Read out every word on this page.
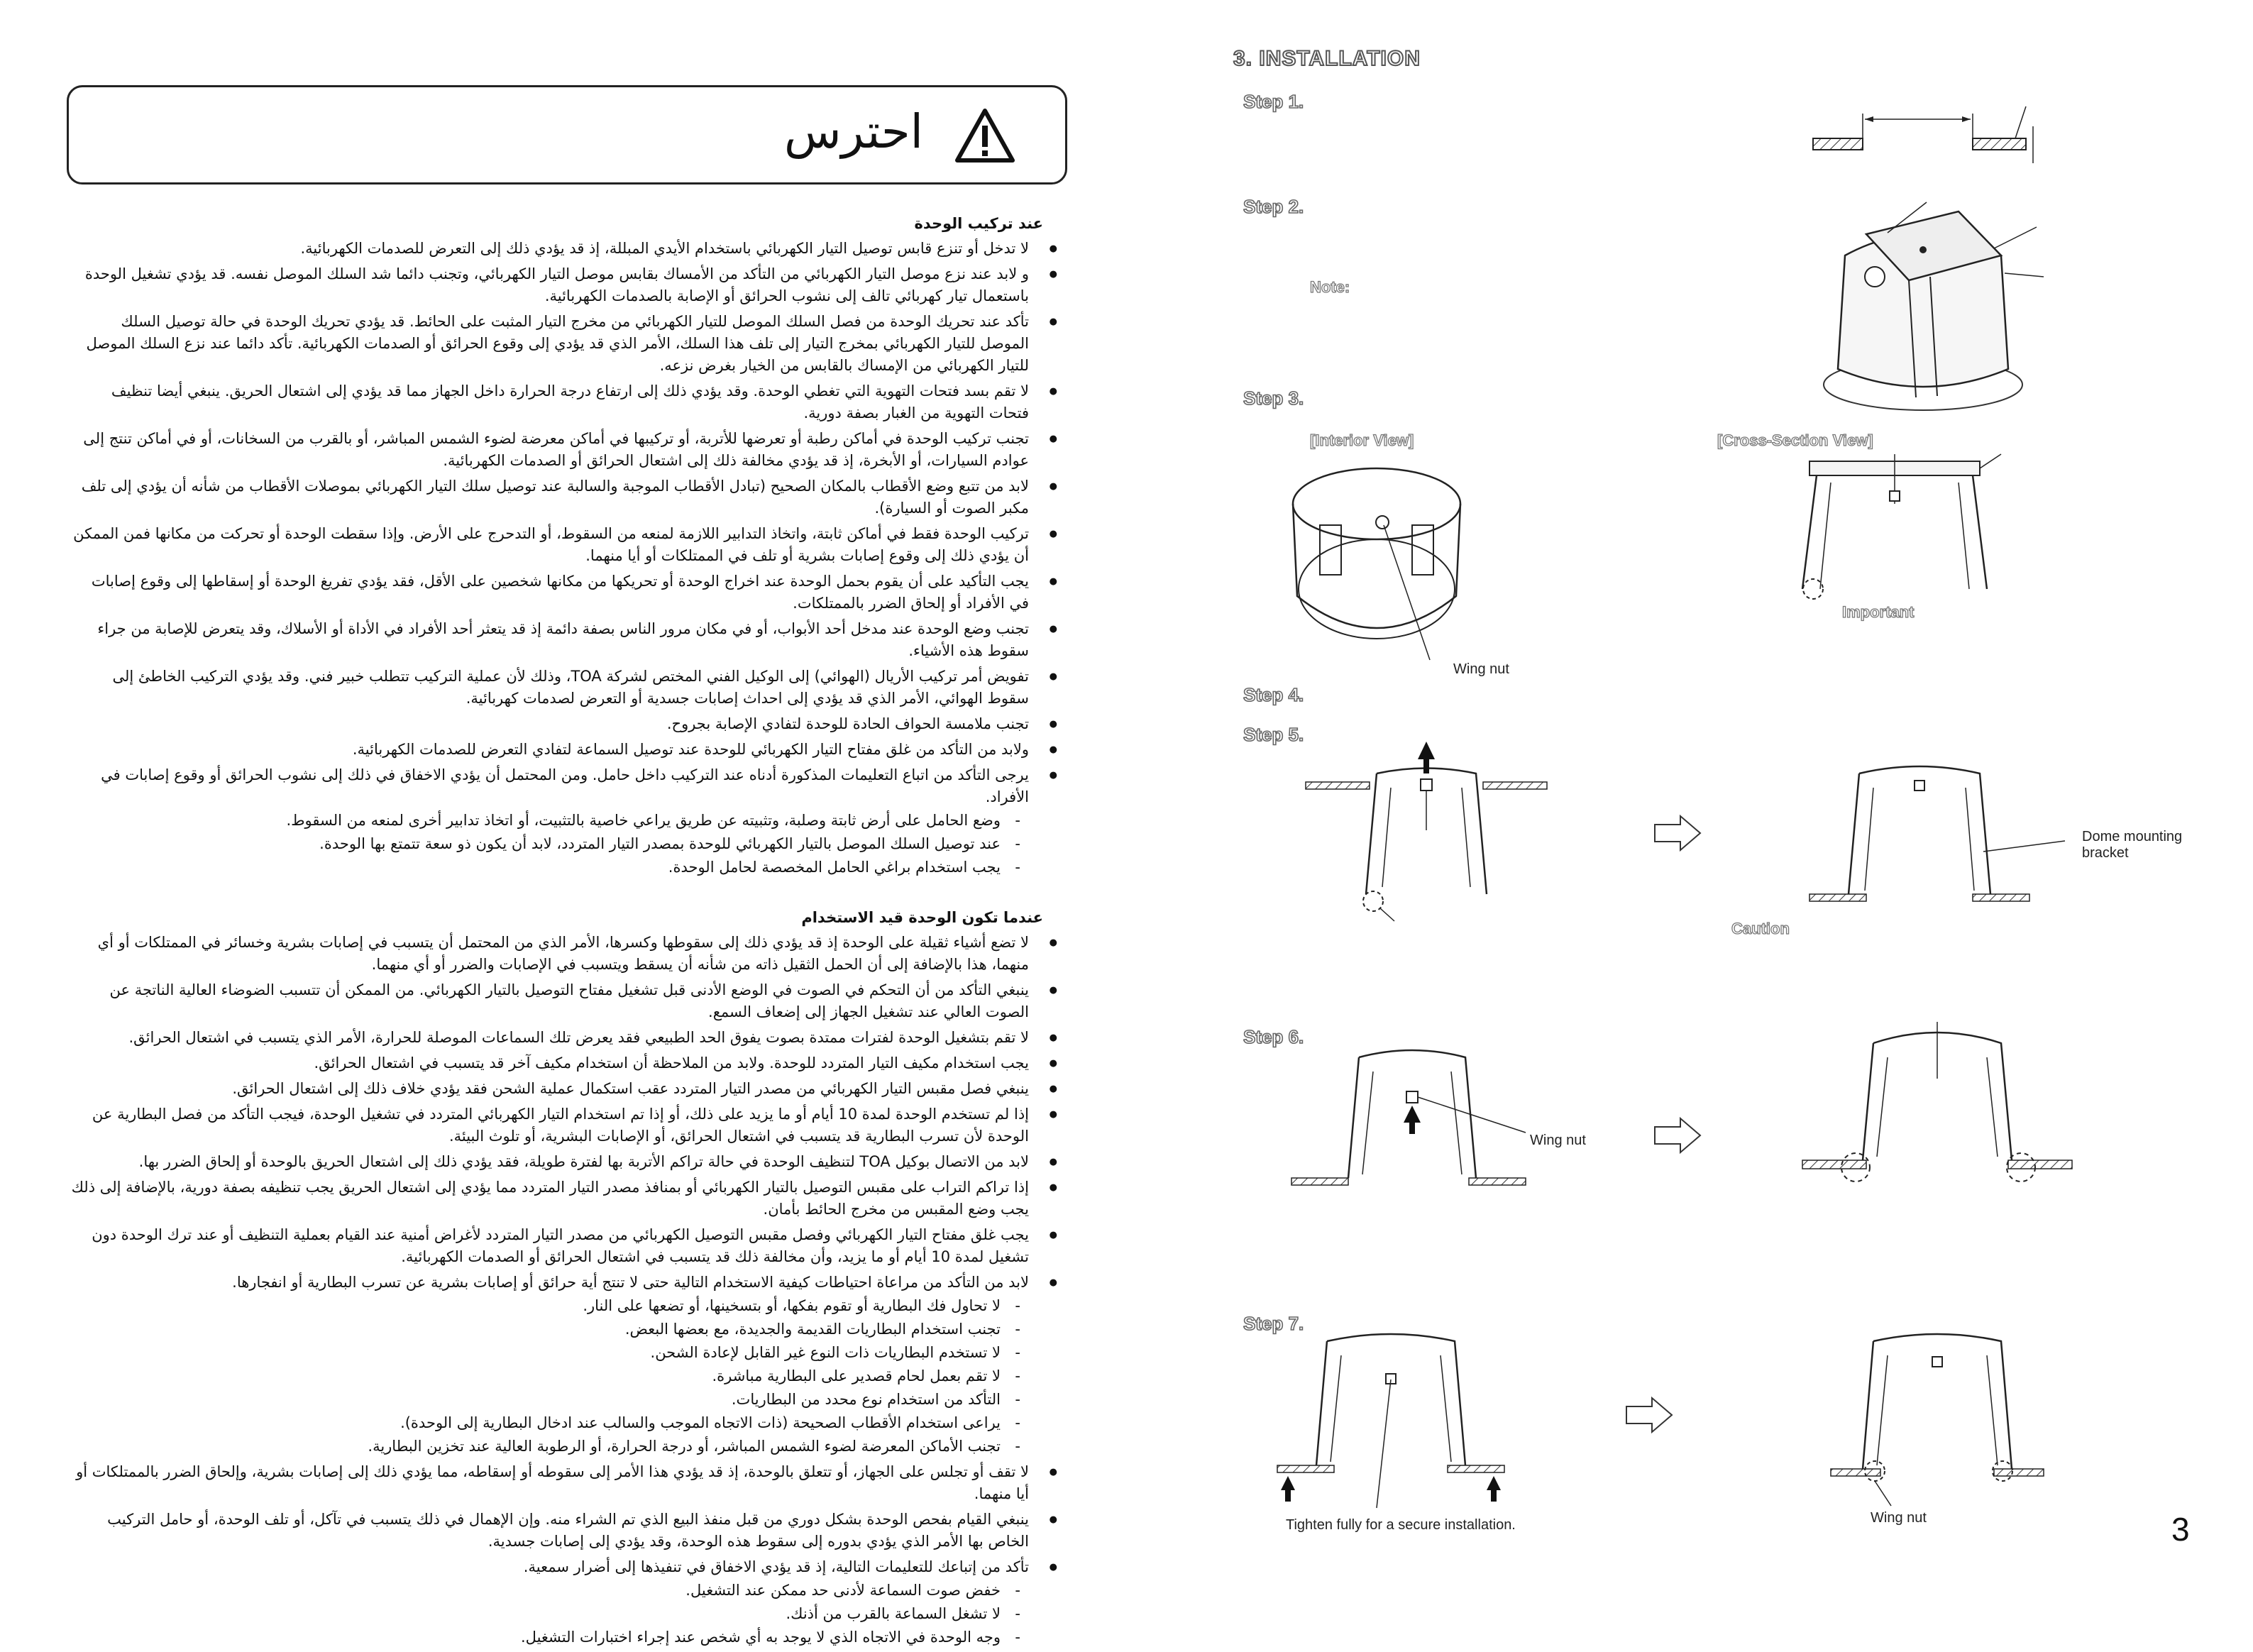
احترس
عند تركيب الوحدة
● لا تدخل أو تنزع قابس توصيل التيار الكهربائي باستخدام الأيدي المبللة، إذ قد يؤدي ذلك إلى التعرض للصدمات الكهربائية.
● و لابد عند نزع موصل التيار الكهربائي من التأكد من الأمساك بقابس موصل التيار الكهربائي، وتجنب دائما شد السلك الموصل نفسه. قد يؤدي تشغيل الوحدة باستعمال تيار كهربائي تالف إلى نشوب الحرائق أو الإصابة بالصدمات الكهربائية.
● تأكد عند تحريك الوحدة من فصل السلك الموصل للتيار الكهربائي من مخرج التيار المثبت على الحائط. قد يؤدي تحريك الوحدة في حالة توصيل السلك الموصل للتيار الكهربائي بمخرج التيار إلى تلف هذا السلك، الأمر الذي قد يؤدي إلى وقوع الحرائق أو الصدمات الكهربائية. تأكد دائما عند نزع السلك الموصل للتيار الكهربائي من الإمساك بالقابس من الخيار بغرض نزعه.
● لا تقم بسد فتحات التهوية التي تغطي الوحدة. وقد يؤدي ذلك إلى ارتفاع درجة الحرارة داخل الجهاز مما قد يؤدي إلى اشتعال الحريق. ينبغي أيضا تنظيف فتحات التهوية من الغبار بصفة دورية.
● تجنب تركيب الوحدة في أماكن رطبة أو تعرضها للأتربة، أو تركيبها في أماكن معرضة لضوء الشمس المباشر، أو بالقرب من السخانات، أو في أماكن تنتج إلى عوادم السيارات، أو الأبخرة، إذ قد يؤدي مخالفة ذلك إلى اشتعال الحرائق أو الصدمات الكهربائية.
● لابد من تتبع وضع الأقطاب بالمكان الصحيح (تبادل الأقطاب الموجبة والسالبة عند توصيل سلك التيار الكهربائي بموصلات الأقطاب من شأنه أن يؤدي إلى تلف مكبر الصوت أو السيارة).
● تركيب الوحدة فقط في أماكن ثابتة، واتخاذ التدابير اللازمة لمنعه من السقوط، أو التدحرج على الأرض. وإذا سقطت الوحدة أو تحركت من مكانها فمن الممكن أن يؤدي ذلك إلى وقوع إصابات بشرية أو تلف في الممتلكات أو أيا منهما.
● يجب التأكيد على أن يقوم بحمل الوحدة عند اخراج الوحدة أو تحريكها من مكانها شخصين على الأقل، فقد يؤدي تفريغ الوحدة أو إسقاطها إلى وقوع إصابات في الأفراد أو إلحاق الضرر بالممتلكات.
● تجنب وضع الوحدة عند مدخل أحد الأبواب، أو في مكان مرور الناس بصفة دائمة إذ قد يتعثر أحد الأفراد في الأداة أو الأسلاك، وقد يتعرض للإصابة من جراء سقوط هذه الأشياء.
● تفويض أمر تركيب الأريال (الهوائي) إلى الوكيل الفني المختص لشركة TOA، وذلك لأن عملية التركيب تتطلب خبير فني. وقد يؤدي التركيب الخاطئ إلى سقوط الهوائي، الأمر الذي قد يؤدي إلى احداث إصابات جسدية أو التعرض لصدمات كهربائية.
● تجنب ملامسة الحواف الحادة للوحدة لتفادي الإصابة بجروح.
● ولابد من التأكد من غلق مفتاح التيار الكهربائي للوحدة عند توصيل السماعة لتفادي التعرض للصدمات الكهربائية.
● يرجى التأكد من اتباع التعليمات المذكورة أدناه عند التركيب داخل حامل. ومن المحتمل أن يؤدي الاخفاق في ذلك إلى نشوب الحرائق أو وقوع إصابات في الأفراد.
- وضع الحامل على أرض ثابتة وصلبة، وتثبيته عن طريق يراعي خاصية بالتثبيت، أو اتخاذ تدابير أخرى لمنعه من السقوط.
- عند توصيل السلك الموصل بالتيار الكهربائي للوحدة بمصدر التيار المتردد، لابد أن يكون ذو سعة تتمتع بها الوحدة.
- يجب استخدام براغي الحامل المخصصة لحامل الوحدة.
عندما تكون الوحدة قيد الاستخدام
● لا تضع أشياء ثقيلة على الوحدة إذ قد يؤدي ذلك إلى سقوطها وكسرها، الأمر الذي من المحتمل أن يتسبب في إصابات بشرية وخسائر في الممتلكات أو أي منهما، هذا بالإضافة إلى أن الحمل الثقيل ذاته من شأنه أن يسقط ويتسبب في الإصابات والضرر أو أي منهما.
● ينبغي التأكد من أن التحكم في الصوت في الوضع الأدنى قبل تشغيل مفتاح التوصيل بالتيار الكهربائي. من الممكن أن تتسبب الضوضاء العالية الناتجة عن الصوت العالي عند تشغيل الجهاز إلى إضعاف السمع.
● لا تقم بتشغيل الوحدة لفترات ممتدة بصوت يفوق الحد الطبيعي فقد يعرض تلك السماعات الموصلة للحرارة، الأمر الذي يتسبب في اشتعال الحرائق.
● يجب استخدام مكيف التيار المتردد للوحدة. ولابد من الملاحظة أن استخدام مكيف آخر قد يتسبب في اشتعال الحرائق.
● ينبغي فصل مقبس التيار الكهربائي من مصدر التيار المتردد عقب استكمال عملية الشحن فقد يؤدي خلاف ذلك إلى اشتعال الحرائق.
● إذا لم تستخدم الوحدة لمدة 10 أيام أو ما يزيد على ذلك، أو إذا تم استخدام التيار الكهربائي المتردد في تشغيل الوحدة، فيجب التأكد من فصل البطارية عن الوحدة لأن تسرب البطارية قد يتسبب في اشتعال الحرائق، أو الإصابات البشرية، أو تلوث البيئة.
● لابد من الاتصال بوكيل TOA لتنظيف الوحدة في حالة تراكم الأتربة بها لفترة طويلة، فقد يؤدي ذلك إلى اشتعال الحريق بالوحدة أو إلحاق الضرر بها.
● إذا تراكم التراب على مقبس التوصيل بالتيار الكهربائي أو بمنافذ مصدر التيار المتردد مما يؤدي إلى اشتعال الحريق يجب تنظيفه بصفة دورية، بالإضافة إلى ذلك يجب وضع المقبس من مخرج الحائط بأمان.
● يجب غلق مفتاح التيار الكهربائي وفصل مقبس التوصيل الكهربائي من مصدر التيار المتردد لأغراض أمنية عند القيام بعملية التنظيف أو عند ترك الوحدة دون تشغيل لمدة 10 أيام أو ما يزيد، وأن مخالفة ذلك قد يتسبب في اشتعال الحرائق أو الصدمات الكهربائية.
● لابد من التأكد من مراعاة احتياطات كيفية الاستخدام التالية حتى لا تنتج أية حرائق أو إصابات بشرية عن تسرب البطارية أو انفجارها.
- لا تحاول فك البطارية أو تقوم بفكها، أو بتسخينها، أو تضعها على النار.
- تجنب استخدام البطاريات القديمة والجديدة، مع بعضها البعض.
- لا تستخدم البطاريات ذات النوع غير القابل لإعادة الشحن.
- لا تقم بعمل لحام قصدير على البطارية مباشرة.
- التأكد من استخدام نوع محدد من البطاريات.
- يراعى استخدام الأقطاب الصحيحة (ذات الاتجاه الموجب والسالب عند ادخال البطارية إلى الوحدة).
- تجنب الأماكن المعرضة لضوء الشمس المباشر، أو درجة الحرارة، أو الرطوبة العالية عند تخزين البطارية.
● لا تقف أو تجلس على الجهاز، أو تتعلق بالوحدة، إذ قد يؤدي هذا الأمر إلى سقوطه أو إسقاطه، مما يؤدي ذلك إلى إصابات بشرية، وإلحاق الضرر بالممتلكات أو أيا منهما.
● ينبغي القيام بفحص الوحدة بشكل دوري من قبل منفذ البيع الذي تم الشراء منه. وإن الإهمال في ذلك يتسبب في تآكل، أو تلف الوحدة، أو حامل التركيب الخاص بها الأمر الذي يؤدي بدوره إلى سقوط هذه الوحدة، وقد يؤدي إلى إصابات جسدية.
● تأكد من إتباعك للتعليمات التالية، إذ قد يؤدي الاخفاق في تنفيذها إلى أضرار سمعية.
- خفض صوت السماعة لأدنى حد ممكن عند التشغيل.
- لا تشغل السماعة بالقرب من أذنك.
- وجه الوحدة في الاتجاه الذي لا يوجد به أي شخص عند إجراء اختبارات التشغيل.
3. INSTALLATION
Step 1.
Step 2.
Note:
Step 3.
[Interior View]	[Cross-Section View]
Wing nut
Important
Step 4.
Step 5.
Dome mounting
bracket
Caution
Step 6.
Wing nut
Step 7.
Tighten fully for a secure installation.	Wing nut	3
